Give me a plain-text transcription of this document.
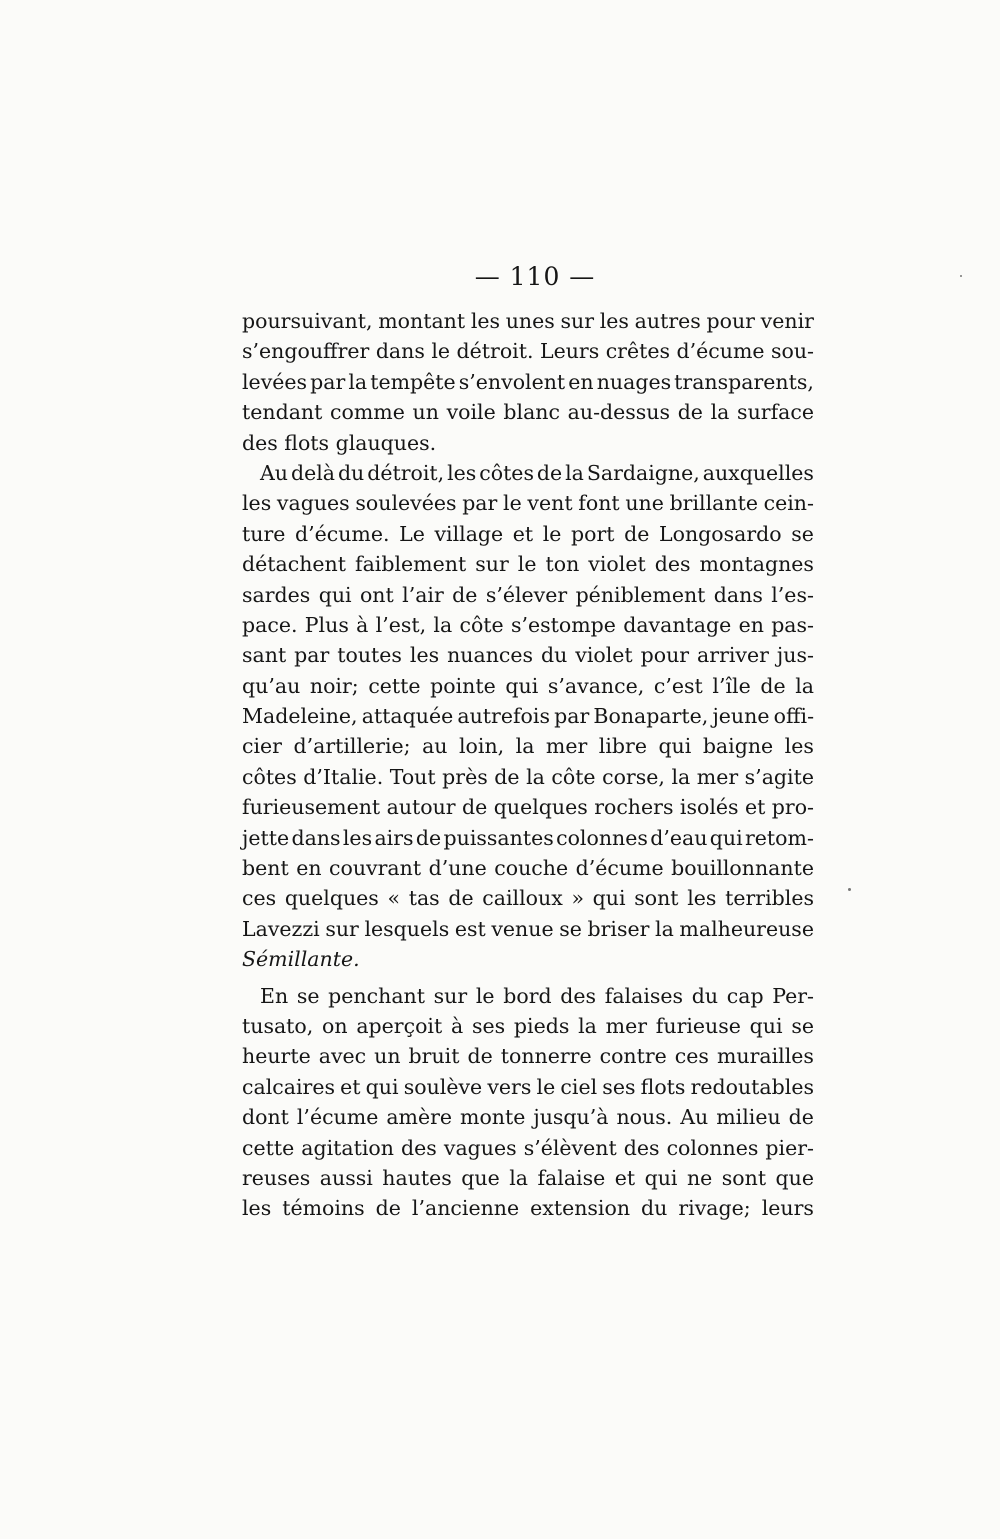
— 110 —
poursuivant, montant les unes sur les autres pour venir
s’engouffrer dans le détroit. Leurs crêtes d’écume sou-
levées par la tempête s’envolent en nuages transparents,
tendant comme un voile blanc au-dessus de la surface
des flots glauques.
Au delà du détroit, les côtes de la Sardaigne, auxquelles
les vagues soulevées par le vent font une brillante cein-
ture d’écume. Le village et le port de Longosardo se
détachent faiblement sur le ton violet des montagnes
sardes qui ont l’air de s’élever péniblement dans l’es-
pace. Plus à l’est, la côte s’estompe davantage en pas-
sant par toutes les nuances du violet pour arriver jus-
qu’au noir; cette pointe qui s’avance, c’est l’île de la
Madeleine, attaquée autrefois par Bonaparte, jeune offi-
cier d’artillerie; au loin, la mer libre qui baigne les
côtes d’Italie. Tout près de la côte corse, la mer s’agite
furieusement autour de quelques rochers isolés et pro-
jette dans les airs de puissantes colonnes d’eau qui retom-
bent en couvrant d’une couche d’écume bouillonnante
ces quelques « tas de cailloux » qui sont les terribles
Lavezzi sur lesquels est venue se briser la malheureuse
Sémillante.
En se penchant sur le bord des falaises du cap Per-
tusato, on aperçoit à ses pieds la mer furieuse qui se
heurte avec un bruit de tonnerre contre ces murailles
calcaires et qui soulève vers le ciel ses flots redoutables
dont l’écume amère monte jusqu’à nous. Au milieu de
cette agitation des vagues s’élèvent des colonnes pier-
reuses aussi hautes que la falaise et qui ne sont que
les témoins de l’ancienne extension du rivage; leurs
